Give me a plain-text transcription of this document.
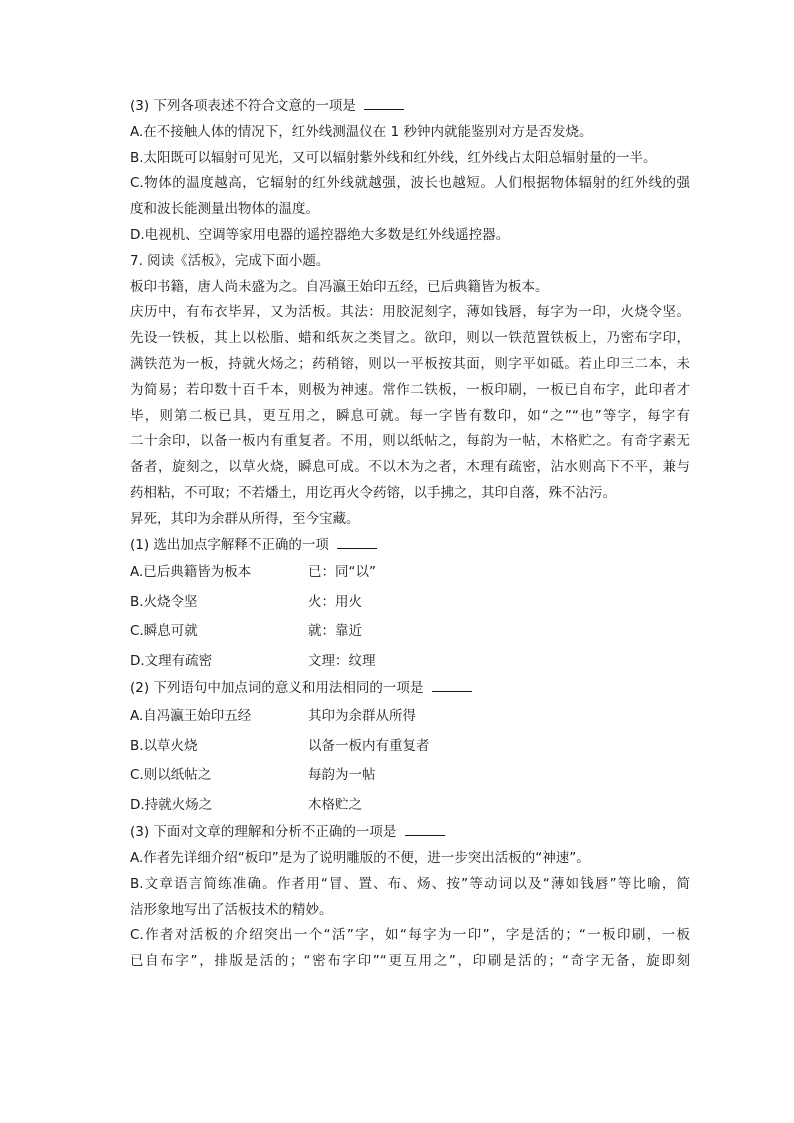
(3) 下列各项表述不符合文意的一项是
A.在不接触人体的情况下，红外线测温仪在 1 秒钟内就能鉴别对方是否发烧。
B.太阳既可以辐射可见光，又可以辐射紫外线和红外线，红外线占太阳总辐射量的一半。
C.物体的温度越高，它辐射的红外线就越强，波长也越短。人们根据物体辐射的红外线的强
度和波长能测量出物体的温度。
D.电视机、空调等家用电器的遥控器绝大多数是红外线遥控器。
7. 阅读《活板》，完成下面小题。
板印书籍，唐人尚未盛为之。自冯瀛王始印五经，已后典籍皆为板本。
庆历中，有布衣毕昇，又为活板。其法：用胶泥刻字，薄如钱唇，每字为一印，火烧令坚。
先设一铁板，其上以松脂、蜡和纸灰之类冒之。欲印，则以一铁范置铁板上，乃密布字印，
满铁范为一板，持就火炀之；药稍镕，则以一平板按其面，则字平如砥。若止印三二本，未
为简易；若印数十百千本，则极为神速。常作二铁板，一板印刷，一板已自布字，此印者才
毕，则第二板已具，更互用之，瞬息可就。每一字皆有数印，如“之”“也”等字，每字有
二十余印，以备一板内有重复者。不用，则以纸帖之，每韵为一帖，木格贮之。有奇字素无
备者，旋刻之，以草火烧，瞬息可成。不以木为之者，木理有疏密，沾水则高下不平，兼与
药相粘，不可取；不若燔土，用讫再火令药镕，以手拂之，其印自落，殊不沾污。
昇死，其印为余群从所得，至今宝藏。
(1) 选出加点字解释不正确的一项
A.已后典籍皆为板本	已：同“以”
B.火烧令坚	火：用火
C.瞬息可就	就：靠近
D.文理有疏密	文理：纹理
(2) 下列语句中加点词的意义和用法相同的一项是
A.自冯瀛王始印五经	其印为余群从所得
B.以草火烧	以备一板内有重复者
C.则以纸帖之	每韵为一帖
D.持就火炀之	木格贮之
(3) 下面对文章的理解和分析不正确的一项是
A.作者先详细介绍“板印”是为了说明雕版的不便，进一步突出活板的“神速”。
B.文章语言简练准确。作者用“冒、置、布、炀、按”等动词以及“薄如钱唇”等比喻，简
洁形象地写出了活板技术的精妙。
C.作者对活板的介绍突出一个“活”字，如“每字为一印”，字是活的；“一板印刷，一板
已自布字”，排版是活的；“密布字印”“更互用之”，印刷是活的；“奇字无备，旋即刻
